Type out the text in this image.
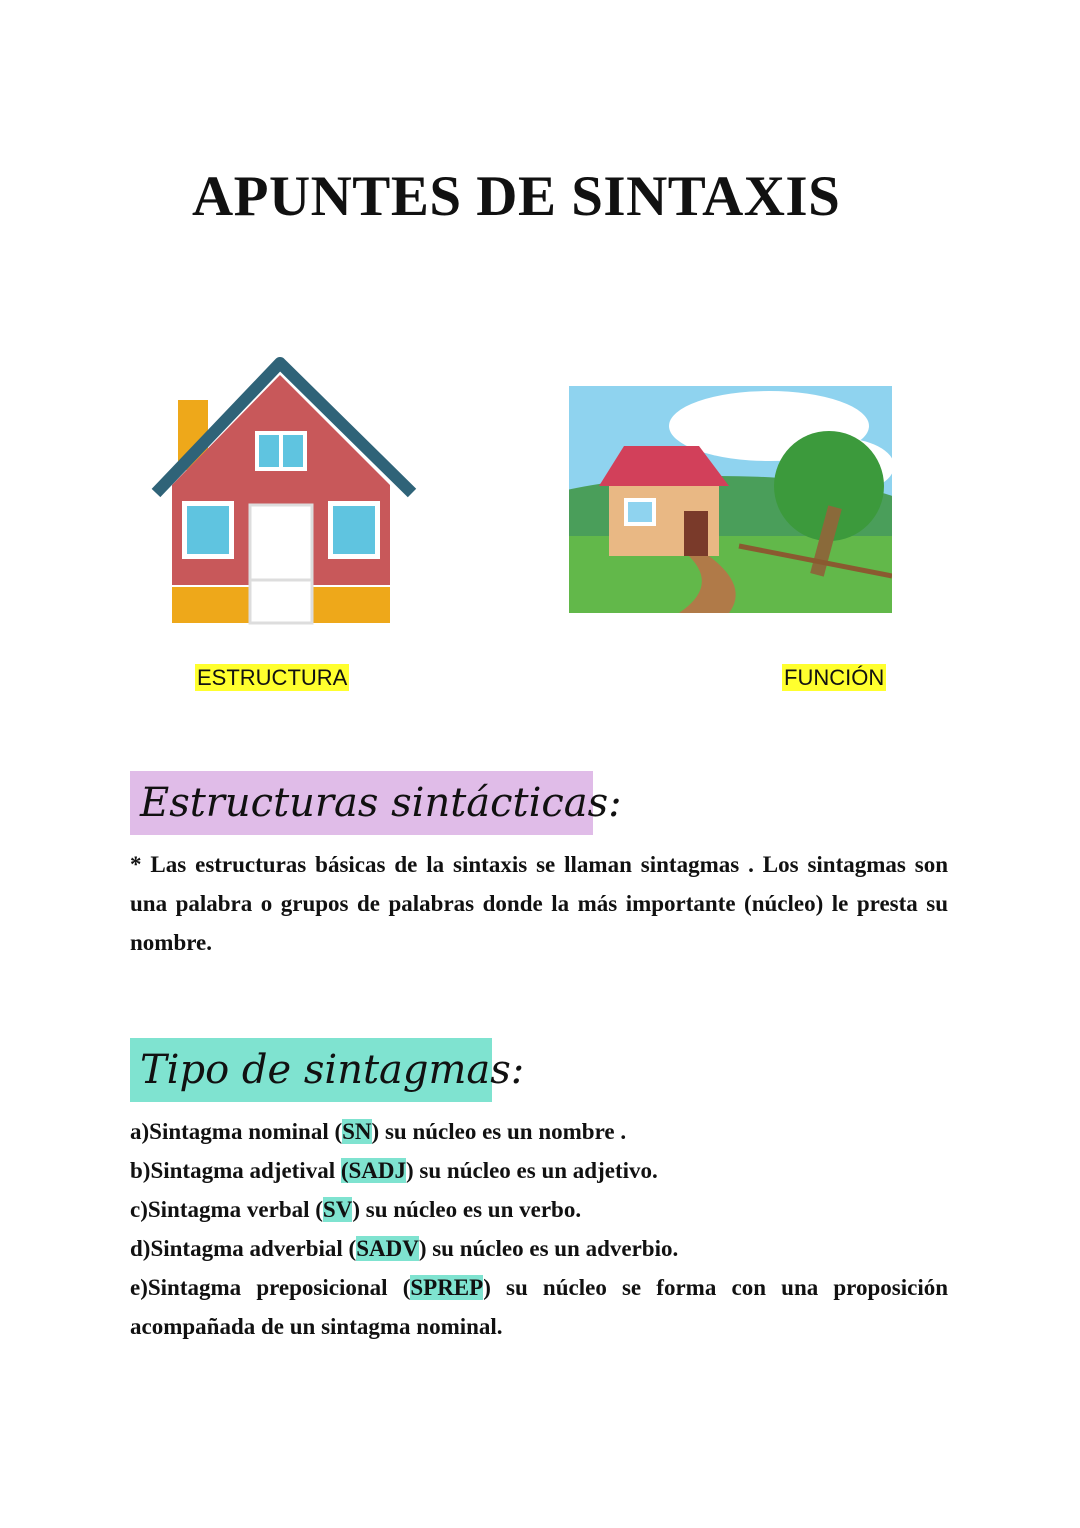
APUNTES DE SINTAXIS
ESTRUCTURA	FUNCIÓN
Estructuras sintácticas:
* Las estructuras básicas de la sintaxis se llaman sintagmas . Los sintagmas son una palabra o grupos de palabras donde la más importante (núcleo) le presta su nombre.
Tipo de sintagmas:
a)Sintagma nominal (SN) su núcleo es un nombre .
b)Sintagma adjetival (SADJ) su núcleo es un adjetivo.
c)Sintagma verbal (SV) su núcleo es un verbo.
d)Sintagma adverbial (SADV) su núcleo es un adverbio.
e)Sintagma preposicional (SPREP) su núcleo se forma con una proposición acompañada de un sintagma nominal.
